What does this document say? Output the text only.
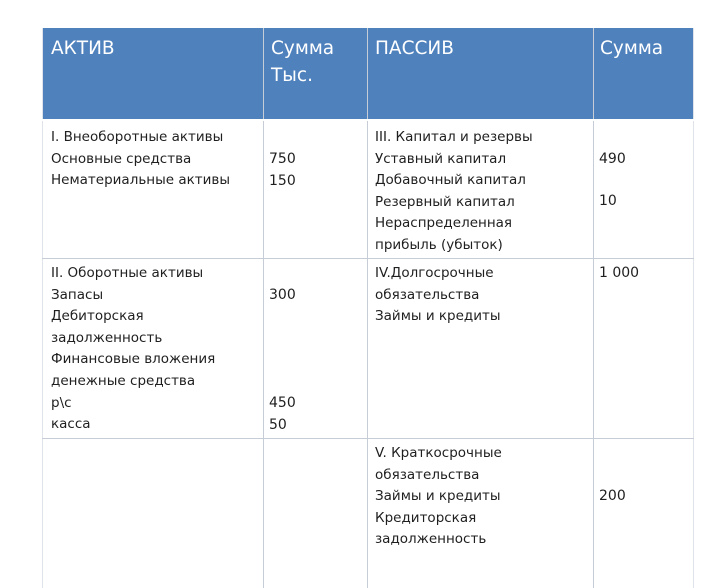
АКТИВ	Сумма
Тыс.
ПАССИВ	Сумма
I. Внеоборотные активы
Основные средства
Нематериальные активы
750
150
III. Капитал и резервы
Уставный капитал
Добавочный капитал
Резервный капитал
Нераспределенная
прибыль (убыток)
490
10
II. Оборотные активы
Запасы
Дебиторская
задолженность
Финансовые вложения
денежные средства
р\с
касса
300
450
50
IV.Долгосрочные
обязательства
Займы и кредиты
1 000
V. Краткосрочные
обязательства
Займы и кредиты
Кредиторская
задолженность
200
